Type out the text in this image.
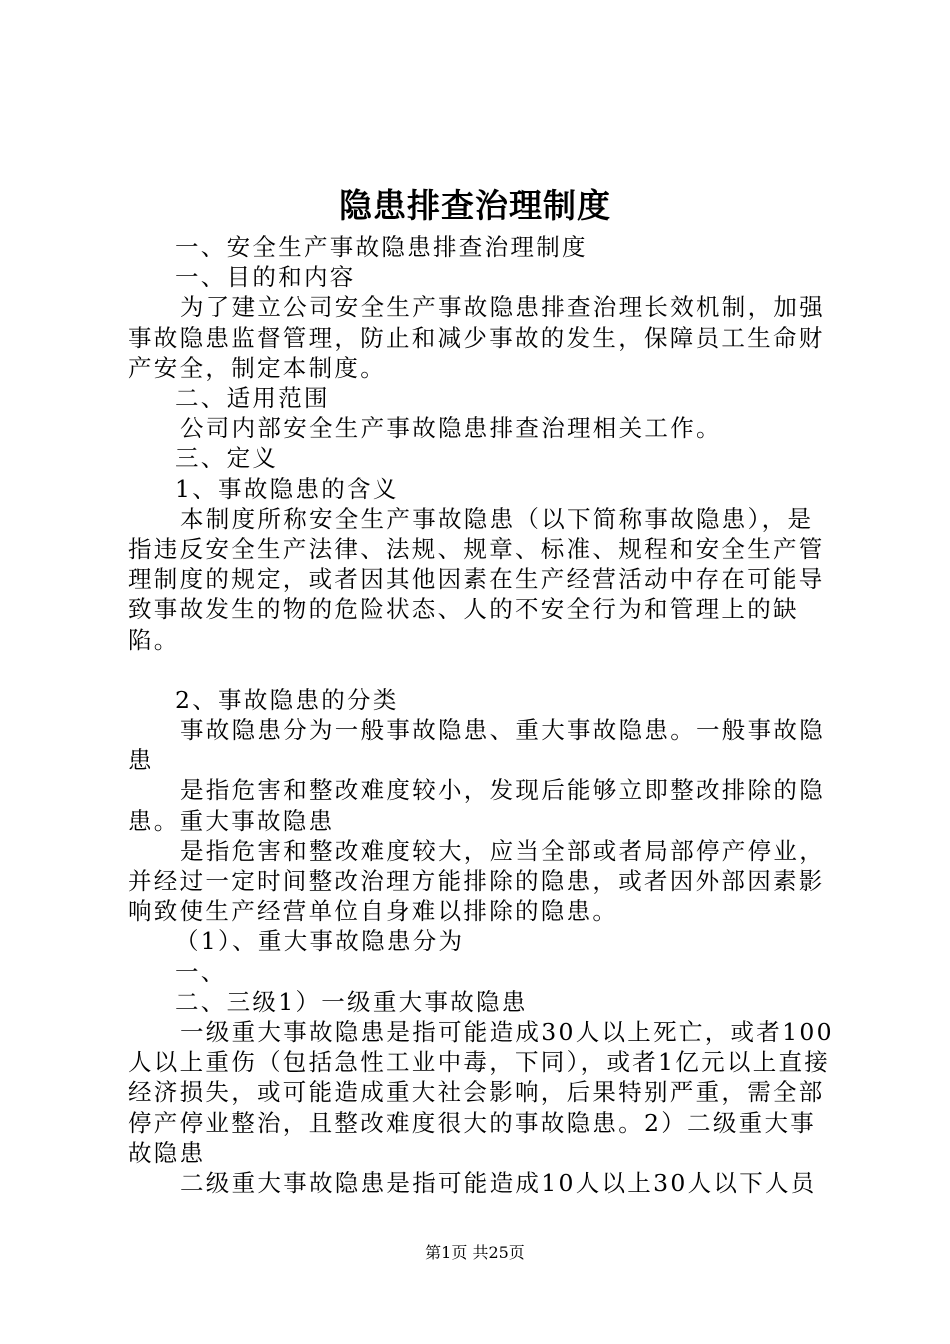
隐患排查治理制度

一、安全生产事故隐患排查治理制度

一、目的和内容

为了建立公司安全生产事故隐患排查治理长效机制，加强事故隐患监督管理，防止和减少事故的发生，保障员工生命财产安全，制定本制度。

二、适用范围

公司内部安全生产事故隐患排查治理相关工作。

三、定义

1、事故隐患的含义

本制度所称安全生产事故隐患（以下简称事故隐患），是指违反安全生产法律、法规、规章、标准、规程和安全生产管理制度的规定，或者因其他因素在生产经营活动中存在可能导致事故发生的物的危险状态、人的不安全行为和管理上的缺陷。

2、事故隐患的分类

事故隐患分为一般事故隐患、重大事故隐患。一般事故隐患

是指危害和整改难度较小，发现后能够立即整改排除的隐患。重大事故隐患

是指危害和整改难度较大，应当全部或者局部停产停业，并经过一定时间整改治理方能排除的隐患，或者因外部因素影响致使生产经营单位自身难以排除的隐患。

（1）、重大事故隐患分为

一、

二、三级1）一级重大事故隐患

一级重大事故隐患是指可能造成30人以上死亡，或者100人以上重伤（包括急性工业中毒，下同），或者1亿元以上直接经济损失，或可能造成重大社会影响，后果特别严重，需全部停产停业整治，且整改难度很大的事故隐患。2）二级重大事故隐患

二级重大事故隐患是指可能造成10人以上30人以下人员

第1页 共25页
